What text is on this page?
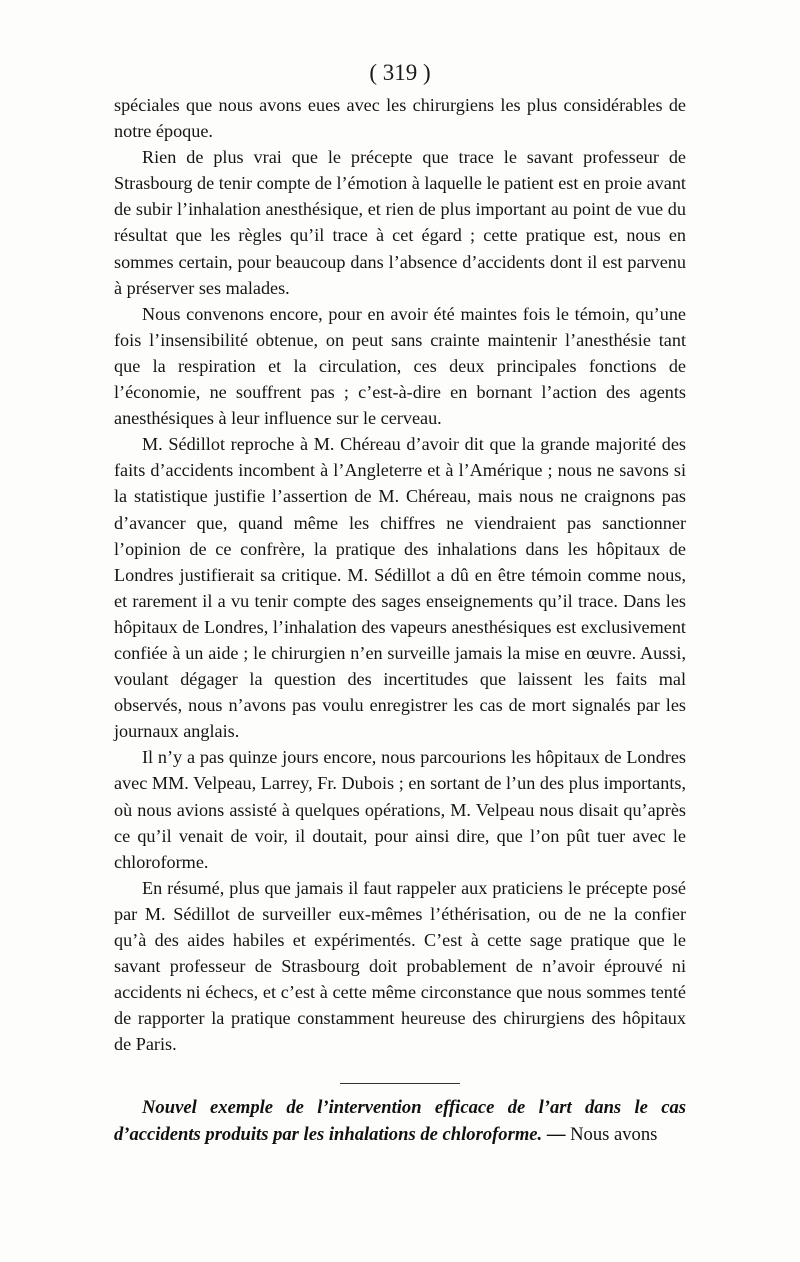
( 319 )

spéciales que nous avons eues avec les chirurgiens les plus considérables de notre époque.

Rien de plus vrai que le précepte que trace le savant professeur de Strasbourg de tenir compte de l’émotion à laquelle le patient est en proie avant de subir l’inhalation anesthésique, et rien de plus important au point de vue du résultat que les règles qu’il trace à cet égard ; cette pratique est, nous en sommes certain, pour beaucoup dans l’absence d’accidents dont il est parvenu à préserver ses malades.

Nous convenons encore, pour en avoir été maintes fois le témoin, qu’une fois l’insensibilité obtenue, on peut sans crainte maintenir l’anesthésie tant que la respiration et la circulation, ces deux principales fonctions de l’économie, ne souffrent pas ; c’est-à-dire en bornant l’action des agents anesthésiques à leur influence sur le cerveau.

M. Sédillot reproche à M. Chéreau d’avoir dit que la grande majorité des faits d’accidents incombent à l’Angleterre et à l’Amérique ; nous ne savons si la statistique justifie l’assertion de M. Chéreau, mais nous ne craignons pas d’avancer que, quand même les chiffres ne viendraient pas sanctionner l’opinion de ce confrère, la pratique des inhalations dans les hôpitaux de Londres justifierait sa critique. M. Sédillot a dû en être témoin comme nous, et rarement il a vu tenir compte des sages enseignements qu’il trace. Dans les hôpitaux de Londres, l’inhalation des vapeurs anesthésiques est exclusivement confiée à un aide ; le chirurgien n’en surveille jamais la mise en œuvre. Aussi, voulant dégager la question des incertitudes que laissent les faits mal observés, nous n’avons pas voulu enregistrer les cas de mort signalés par les journaux anglais.

Il n’y a pas quinze jours encore, nous parcourions les hôpitaux de Londres avec MM. Velpeau, Larrey, Fr. Dubois ; en sortant de l’un des plus importants, où nous avions assisté à quelques opérations, M. Velpeau nous disait qu’après ce qu’il venait de voir, il doutait, pour ainsi dire, que l’on pût tuer avec le chloroforme.

En résumé, plus que jamais il faut rappeler aux praticiens le précepte posé par M. Sédillot de surveiller eux-mêmes l’éthérisation, ou de ne la confier qu’à des aides habiles et expérimentés. C’est à cette sage pratique que le savant professeur de Strasbourg doit probablement de n’avoir éprouvé ni accidents ni échecs, et c’est à cette même circonstance que nous sommes tenté de rapporter la pratique constamment heureuse des chirurgiens des hôpitaux de Paris.

Nouvel exemple de l’intervention efficace de l’art dans le cas d’accidents produits par les inhalations de chloroforme. — Nous avons
